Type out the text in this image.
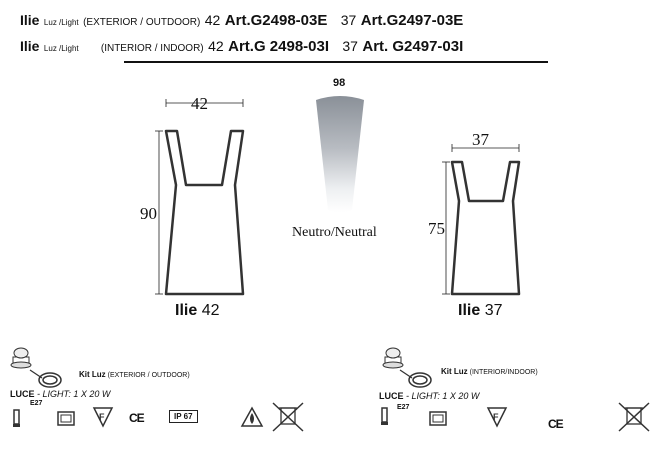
Ilie Luz /Light (EXTERIOR / OUTDOOR) 42 Art.G2498-03E 37 Art.G2497-03E
Ilie Luz /Light (INTERIOR / INDOOR) 42 Art.G 2498-03I 37 Art. G2497-03I
42
90
98
Neutro/Neutral
37
75
Ilie 42	Ilie 37
F	F
Kit Luz (EXTERIOR / OUTDOOR)
LUCE - LIGHT: 1 X 20 W
E27
CE	IP 67
Kit Luz (INTERIOR/INDOOR)
LUCE - LIGHT: 1 X 20 W
E27
CE
